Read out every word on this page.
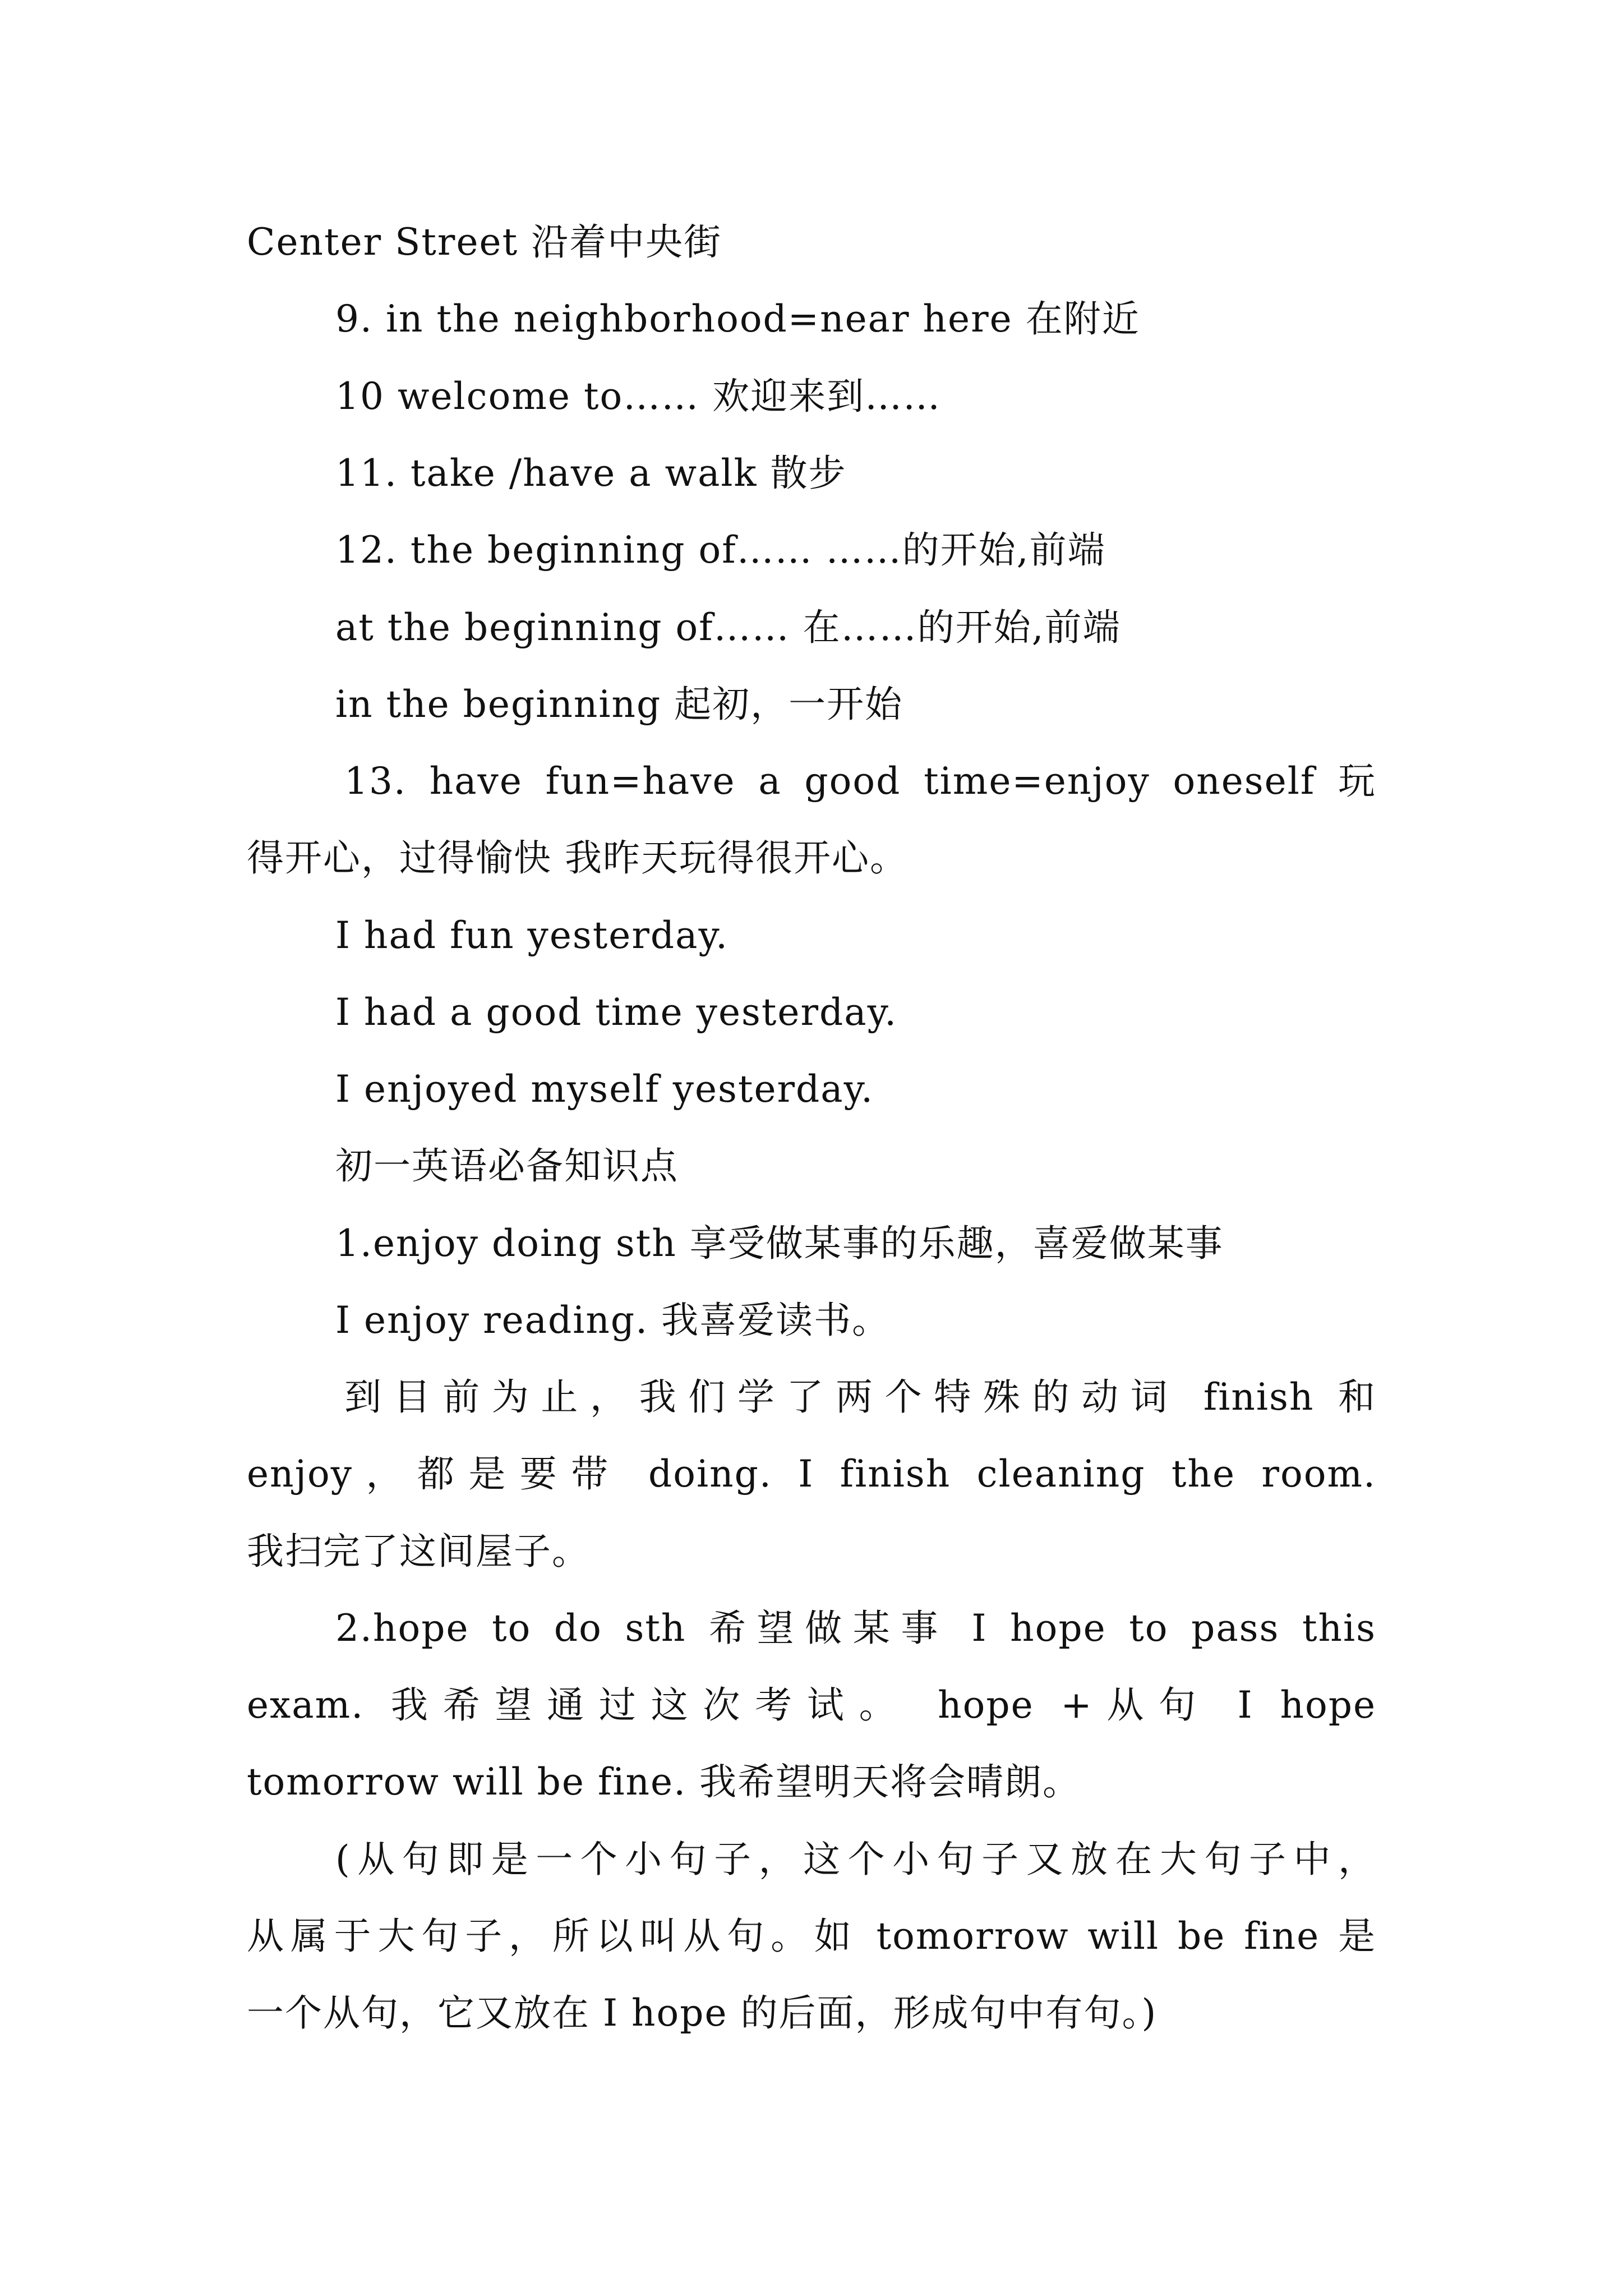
Center Street 沿着中央街
9. in the neighborhood=near here 在附近
10 welcome to…… 欢迎来到……
11. take /have a walk 散步
12. the beginning of…… ……的开始,前端
at the beginning of…… 在……的开始,前端
in the beginning 起初，一开始
13. have fun=have a good time=enjoy oneself 玩
得开心，过得愉快 我昨天玩得很开心。
I had fun yesterday.
I had a good time yesterday.
I enjoyed myself yesterday.
初一英语必备知识点
1.enjoy doing sth 享受做某事的乐趣，喜爱做某事
I enjoy reading. 我喜爱读书。
到目前为止，我们学了两个特殊的动词 finish 和
enjoy，都是要带 doing. I finish cleaning the room.
我扫完了这间屋子。
2.hope to do sth 希望做某事 I hope to pass this
exam. 我希望通过这次考试。 hope +从句 I hope
tomorrow will be fine. 我希望明天将会晴朗。
(从句即是一个小句子，这个小句子又放在大句子中，
从属于大句子，所以叫从句。如 tomorrow will be fine 是
一个从句，它又放在 I hope 的后面，形成句中有句。)
